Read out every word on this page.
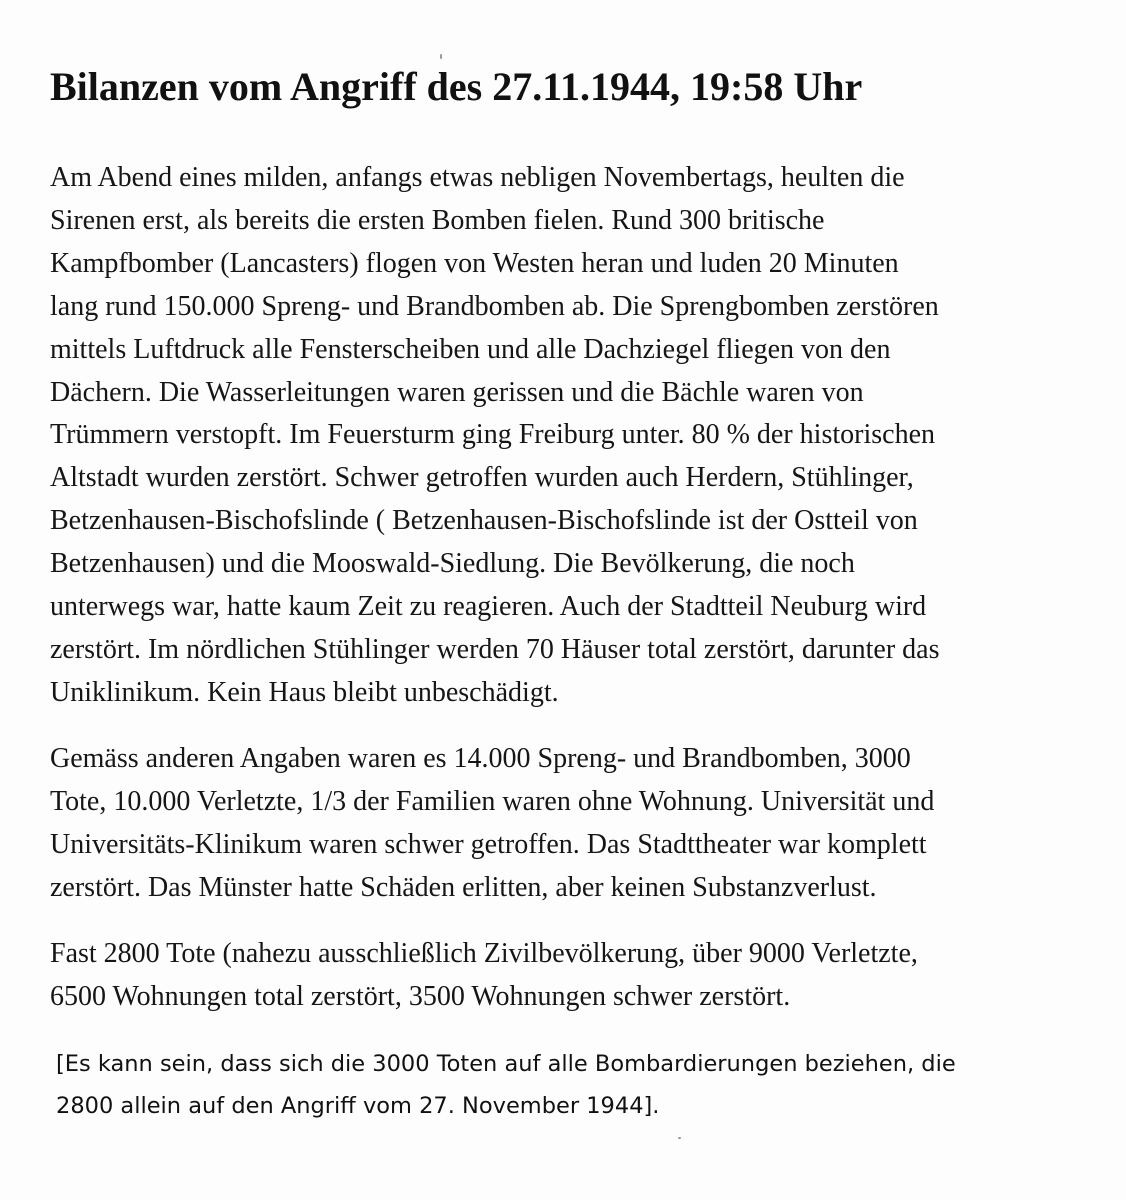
Bilanzen vom Angriff des 27.11.1944, 19:58 Uhr

Am Abend eines milden, anfangs etwas nebligen Novembertags, heulten die
Sirenen erst, als bereits die ersten Bomben fielen. Rund 300 britische
Kampfbomber (Lancasters) flogen von Westen heran und luden 20 Minuten
lang rund 150.000 Spreng- und Brandbomben ab. Die Sprengbomben zerstören
mittels Luftdruck alle Fensterscheiben und alle Dachziegel fliegen von den
Dächern. Die Wasserleitungen waren gerissen und die Bächle waren von
Trümmern verstopft. Im Feuersturm ging Freiburg unter. 80 % der historischen
Altstadt wurden zerstört. Schwer getroffen wurden auch Herdern, Stühlinger,
Betzenhausen-Bischofslinde ( Betzenhausen-Bischofslinde ist der Ostteil von
Betzenhausen) und die Mooswald-Siedlung. Die Bevölkerung, die noch
unterwegs war, hatte kaum Zeit zu reagieren. Auch der Stadtteil Neuburg wird
zerstört. Im nördlichen Stühlinger werden 70 Häuser total zerstört, darunter das
Uniklinikum. Kein Haus bleibt unbeschädigt.

Gemäss anderen Angaben waren es 14.000 Spreng- und Brandbomben, 3000
Tote, 10.000 Verletzte, 1/3 der Familien waren ohne Wohnung. Universität und
Universitäts-Klinikum waren schwer getroffen. Das Stadttheater war komplett
zerstört. Das Münster hatte Schäden erlitten, aber keinen Substanzverlust.

Fast 2800 Tote (nahezu ausschließlich Zivilbevölkerung, über 9000 Verletzte,
6500 Wohnungen total zerstört, 3500 Wohnungen schwer zerstört.

[Es kann sein, dass sich die 3000 Toten auf alle Bombardierungen beziehen, die
2800 allein auf den Angriff vom 27. November 1944].
